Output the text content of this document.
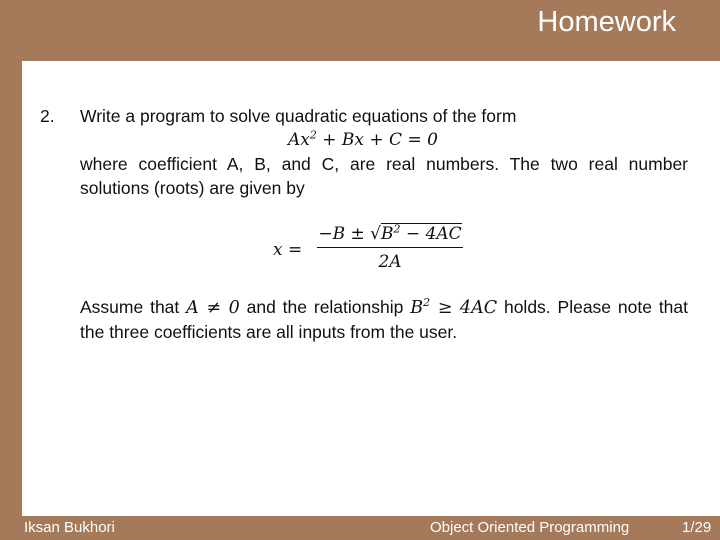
Homework
2. Write a program to solve quadratic equations of the form
$Ax^2 + Bx + C = 0$
where coefficient A, B, and C, are real numbers. The two real number
solutions (roots) are given by
x =
$-B \pm √B^2 - 4AC$
2A
Assume that A ≠ 0 and the relationship $B^2 \ge 4AC$ holds. Please note that
the three coefficients are all inputs from the user.
Iksan Bukhori	Object Oriented Programming	1/29
